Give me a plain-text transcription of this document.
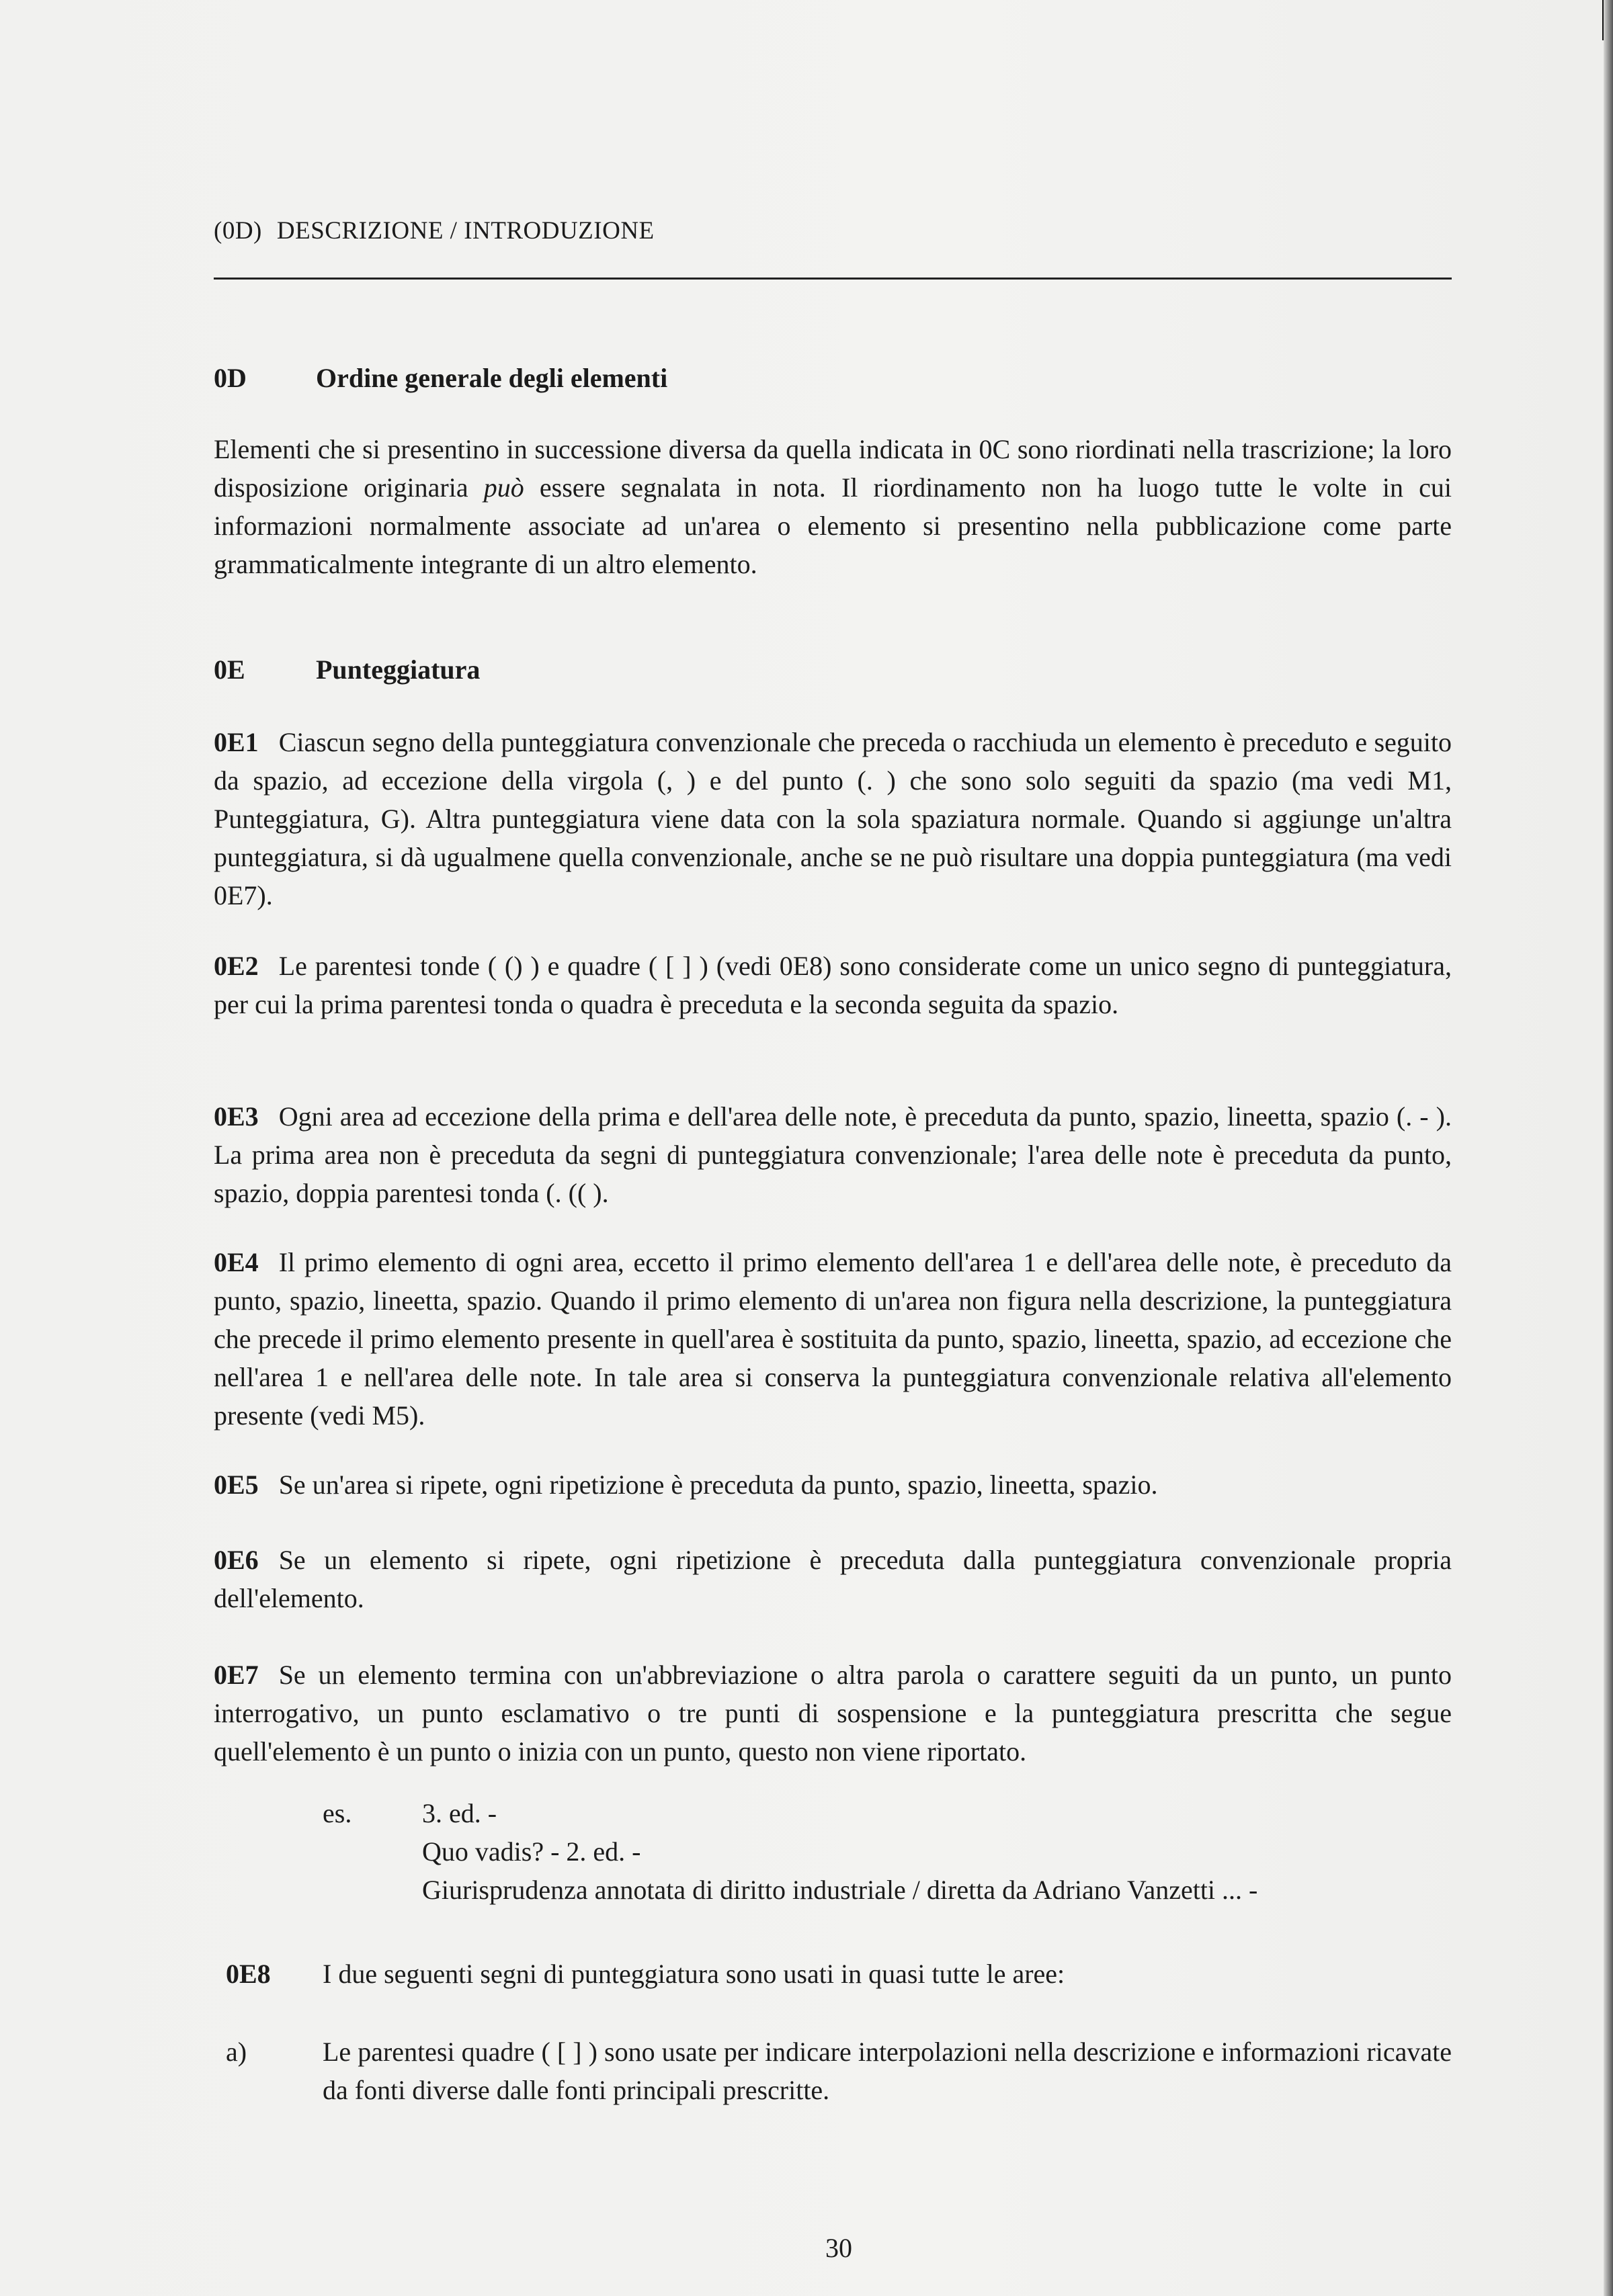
(0D) DESCRIZIONE / INTRODUZIONE
0D	Ordine generale degli elementi
Elementi che si presentino in successione diversa da quella indicata in 0C sono riordinati nella trascrizione; la loro disposizione originaria può essere segnalata in nota. Il riordinamento non ha luogo tutte le volte in cui informazioni normalmente associate ad un'area o elemento si presentino nella pubblicazione come parte grammaticalmente integrante di un altro elemento.
0E	Punteggiatura
0E1 Ciascun segno della punteggiatura convenzionale che preceda o racchiuda un elemento è preceduto e seguito da spazio, ad eccezione della virgola (, ) e del punto (. ) che sono solo seguiti da spazio (ma vedi M1, Punteggiatura, G). Altra punteggiatura viene data con la sola spaziatura normale. Quando si aggiunge un'altra punteggiatura, si dà ugualmene quella convenzionale, anche se ne può risultare una doppia punteggiatura (ma vedi 0E7).
0E2 Le parentesi tonde ( () ) e quadre ( [ ] ) (vedi 0E8) sono considerate come un unico segno di punteggiatura, per cui la prima parentesi tonda o quadra è preceduta e la seconda seguita da spazio.
0E3 Ogni area ad eccezione della prima e dell'area delle note, è preceduta da punto, spazio, lineetta, spazio (. - ). La prima area non è preceduta da segni di punteggiatura convenzionale; l'area delle note è preceduta da punto, spazio, doppia parentesi tonda (. (( ).
0E4 Il primo elemento di ogni area, eccetto il primo elemento dell'area 1 e dell'area delle note, è preceduto da punto, spazio, lineetta, spazio. Quando il primo elemento di un'area non figura nella descrizione, la punteggiatura che precede il primo elemento presente in quell'area è sostituita da punto, spazio, lineetta, spazio, ad eccezione che nell'area 1 e nell'area delle note. In tale area si conserva la punteggiatura convenzionale relativa all'elemento presente (vedi M5).
0E5 Se un'area si ripete, ogni ripetizione è preceduta da punto, spazio, lineetta, spazio.
0E6 Se un elemento si ripete, ogni ripetizione è preceduta dalla punteggiatura convenzionale propria dell'elemento.
0E7 Se un elemento termina con un'abbreviazione o altra parola o carattere seguiti da un punto, un punto interrogativo, un punto esclamativo o tre punti di sospensione e la punteggiatura prescritta che segue quell'elemento è un punto o inizia con un punto, questo non viene riportato.
es.	3. ed. -
Quo vadis? - 2. ed. -
Giurisprudenza annotata di diritto industriale / diretta da Adriano Vanzetti ... -
0E8 I due seguenti segni di punteggiatura sono usati in quasi tutte le aree:
a)	Le parentesi quadre ( [ ] ) sono usate per indicare interpolazioni nella descrizione e informazioni ricavate da fonti diverse dalle fonti principali prescritte.
30
